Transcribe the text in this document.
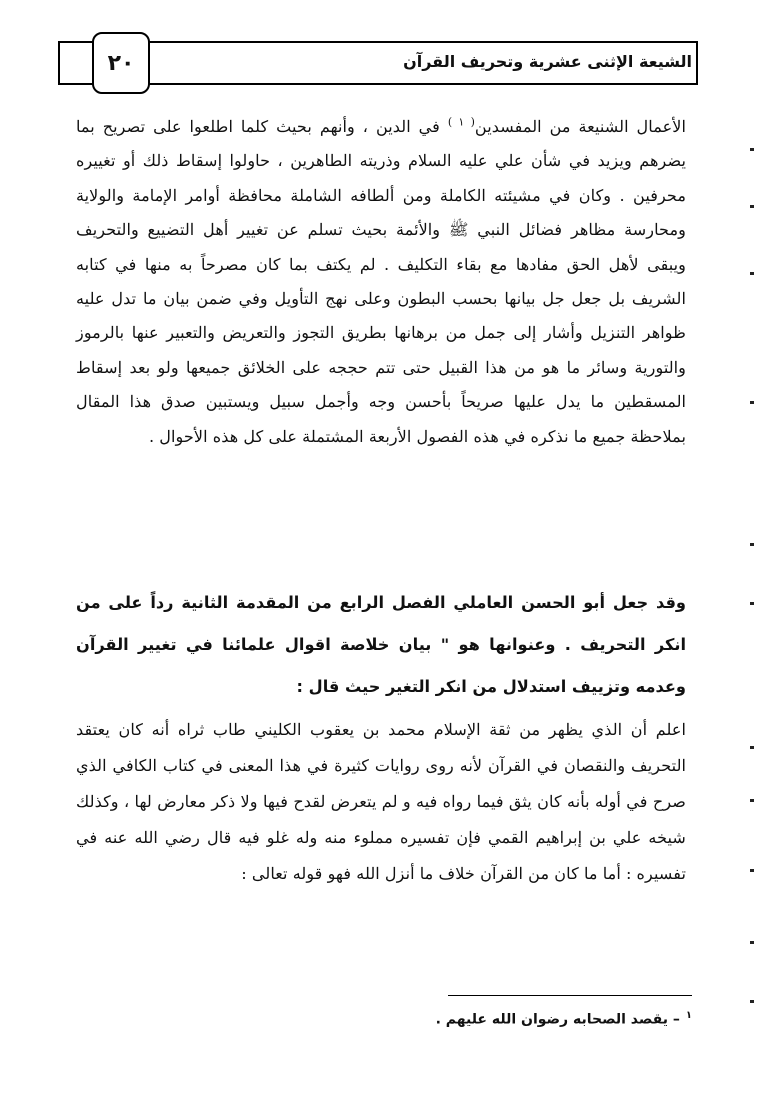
٢٠	الشيعة الإثنى عشرية وتحريف القرآن

الأعمال الشنيعة من المفسدين$^{( ١ )}$ في الدين ، وأنهم بحيث كلما اطلعوا على تصريح بما يضرهم ويزيد في شأن علي عليه السلام وذريته الطاهرين ، حاولوا إسقاط ذلك أو تغييره محرفين . وكان في مشيئته الكاملة ومن ألطافه الشاملة محافظة أوامر الإمامة والولاية ومحارسة مظاهر فضائل النبي ﷺ والأئمة بحيث تسلم عن تغيير أهل التضييع والتحريف ويبقى لأهل الحق مفادها مع بقاء التكليف . لم يكتف بما كان مصرحاً به منها في كتابه الشريف بل جعل جل بيانها بحسب البطون وعلى نهج التأويل وفي ضمن بيان ما تدل عليه ظواهر التنزيل وأشار إلى جمل من برهانها بطريق التجوز والتعريض والتعبير عنها بالرموز والتورية وسائر ما هو من هذا القبيل حتى تتم حججه على الخلائق جميعها ولو بعد إسقاط المسقطين ما يدل عليها صريحاً بأحسن وجه وأجمل سبيل ويستبين صدق هذا المقال بملاحظة جميع ما نذكره في هذه الفصول الأربعة المشتملة على كل هذه الأحوال .

وقد جعل أبو الحسن العاملي الفصل الرابع من المقدمة الثانية رداً على من انكر التحريف . وعنوانها هو " بيان خلاصة اقوال علمائنا في تغيير القرآن وعدمه وتزييف استدلال من انكر التغير حيث قال :

اعلم أن الذي يظهر من ثقة الإسلام محمد بن يعقوب الكليني طاب ثراه أنه كان يعتقد التحريف والنقصان في القرآن لأنه روى روايات كثيرة في هذا المعنى في كتاب الكافي الذي صرح في أوله بأنه كان يثق فيما رواه فيه و لم يتعرض لقدح فيها ولا ذكر معارض لها ، وكذلك شيخه علي بن إبراهيم القمي فإن تفسيره مملوء منه وله غلو فيه قال رضي الله عنه في تفسيره : أما ما كان من القرآن خلاف ما أنزل الله فهو قوله تعالى :

$^١$– يقصد الصحابه رضوان الله عليهم .
